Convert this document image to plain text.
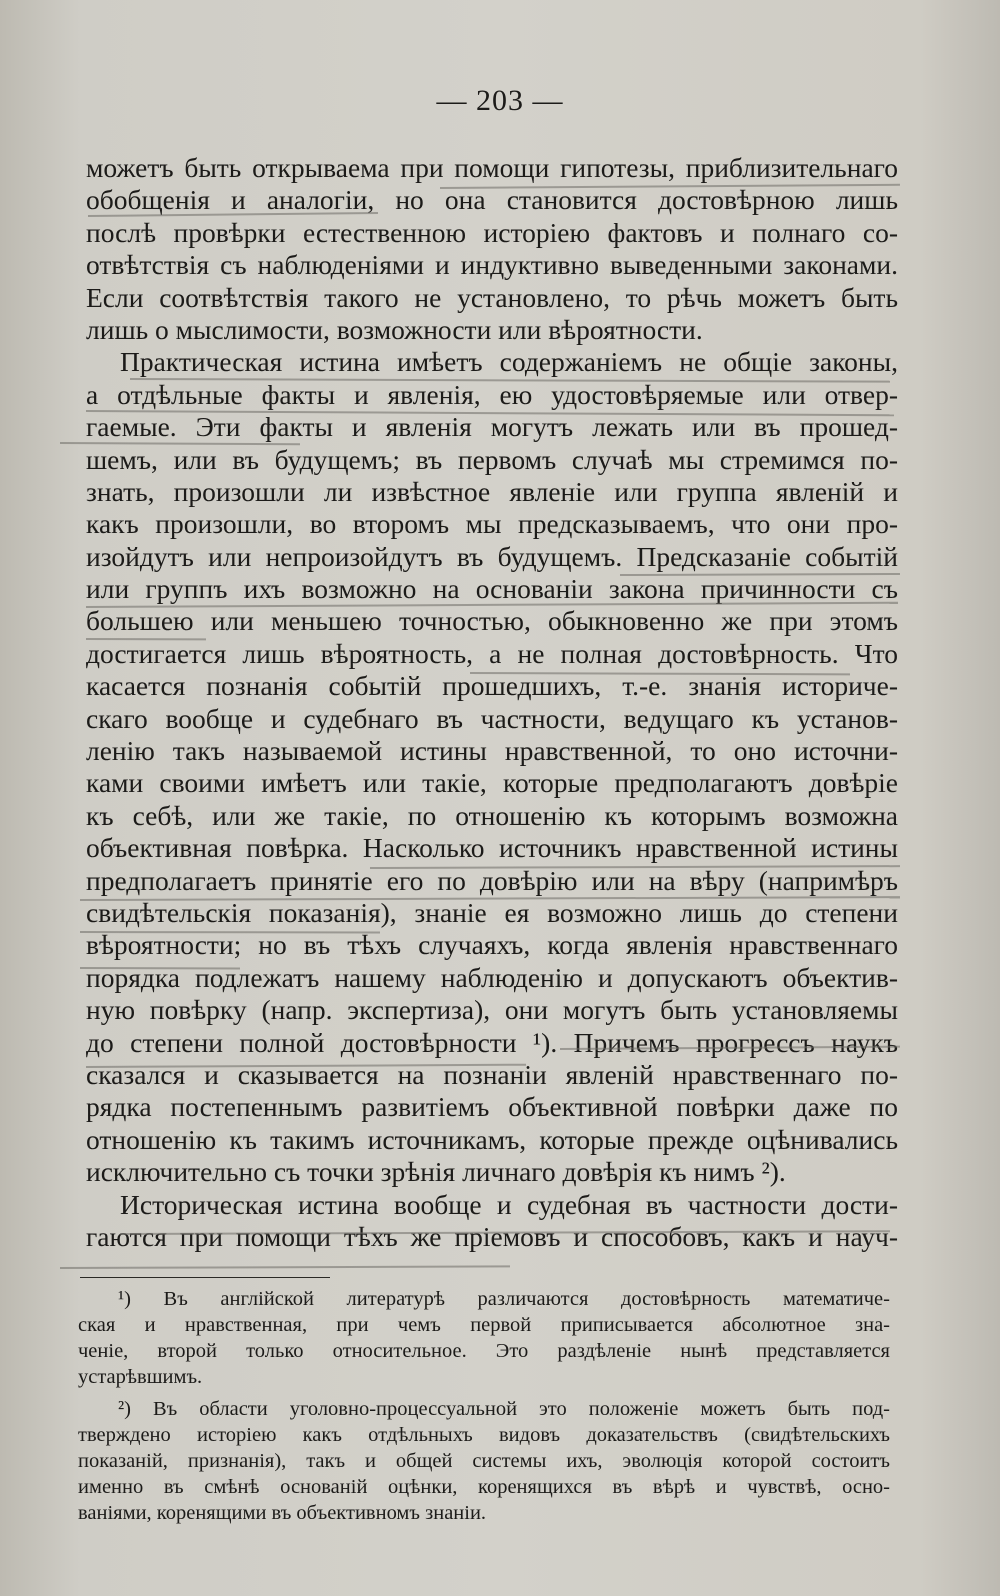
— 203 —
можетъ быть открываема при помощи гипотезы, приблизительнаго
обобщенія и аналогіи, но она становится достовѣрною лишь
послѣ провѣрки естественною исторіею фактовъ и полнаго со-
отвѣтствія съ наблюденіями и индуктивно выведенными законами.
Если соотвѣтствія такого не установлено, то рѣчь можетъ быть
лишь о мыслимости, возможности или вѣроятности.
Практическая истина имѣетъ содержаніемъ не общіе законы,
а отдѣльные факты и явленія, ею удостовѣряемые или отвер-
гаемые. Эти факты и явленія могутъ лежать или въ прошед-
шемъ, или въ будущемъ; въ первомъ случаѣ мы стремимся по-
знать, произошли ли извѣстное явленіе или группа явленій и
какъ произошли, во второмъ мы предсказываемъ, что они про-
изойдутъ или непроизойдутъ въ будущемъ. Предсказаніе событій
или группъ ихъ возможно на основаніи закона причинности съ
большею или меньшею точностью, обыкновенно же при этомъ
достигается лишь вѣроятность, а не полная достовѣрность. Что
касается познанія событій прошедшихъ, т.-е. знанія историче-
скаго вообще и судебнаго въ частности, ведущаго къ установ-
ленію такъ называемой истины нравственной, то оно источни-
ками своими имѣетъ или такіе, которые предполагаютъ довѣріе
къ себѣ, или же такіе, по отношенію къ которымъ возможна
объективная повѣрка. Насколько источникъ нравственной истины
предполагаетъ принятіе его по довѣрію или на вѣру (напримѣръ
свидѣтельскія показанія), знаніе ея возможно лишь до степени
вѣроятности; но въ тѣхъ случаяхъ, когда явленія нравственнаго
порядка подлежатъ нашему наблюденію и допускаютъ объектив-
ную повѣрку (напр. экспертиза), они могутъ быть установляемы
до степени полной достовѣрности ¹). Причемъ прогрессъ наукъ
сказался и сказывается на познаніи явленій нравственнаго по-
рядка постепеннымъ развитіемъ объективной повѣрки даже по
отношенію къ такимъ источникамъ, которые прежде оцѣнивались
исключительно съ точки зрѣнія личнаго довѣрія къ нимъ ²).
Историческая истина вообще и судебная въ частности дости-
гаются при помощи тѣхъ же пріемовъ и способовъ, какъ и науч-
¹) Въ англійской литературѣ различаются достовѣрность математиче-
ская и нравственная, при чемъ первой приписывается абсолютное зна-
ченіе, второй только относительное. Это раздѣленіе нынѣ представляется
устарѣвшимъ.
²) Въ области уголовно-процессуальной это положеніе можетъ быть под-
тверждено исторіею какъ отдѣльныхъ видовъ доказательствъ (свидѣтельскихъ
показаній, признанія), такъ и общей системы ихъ, эволюція которой состоитъ
именно въ смѣнѣ основаній оцѣнки, коренящихся въ вѣрѣ и чувствѣ, осно-
ваніями, коренящими въ объективномъ знаніи.
